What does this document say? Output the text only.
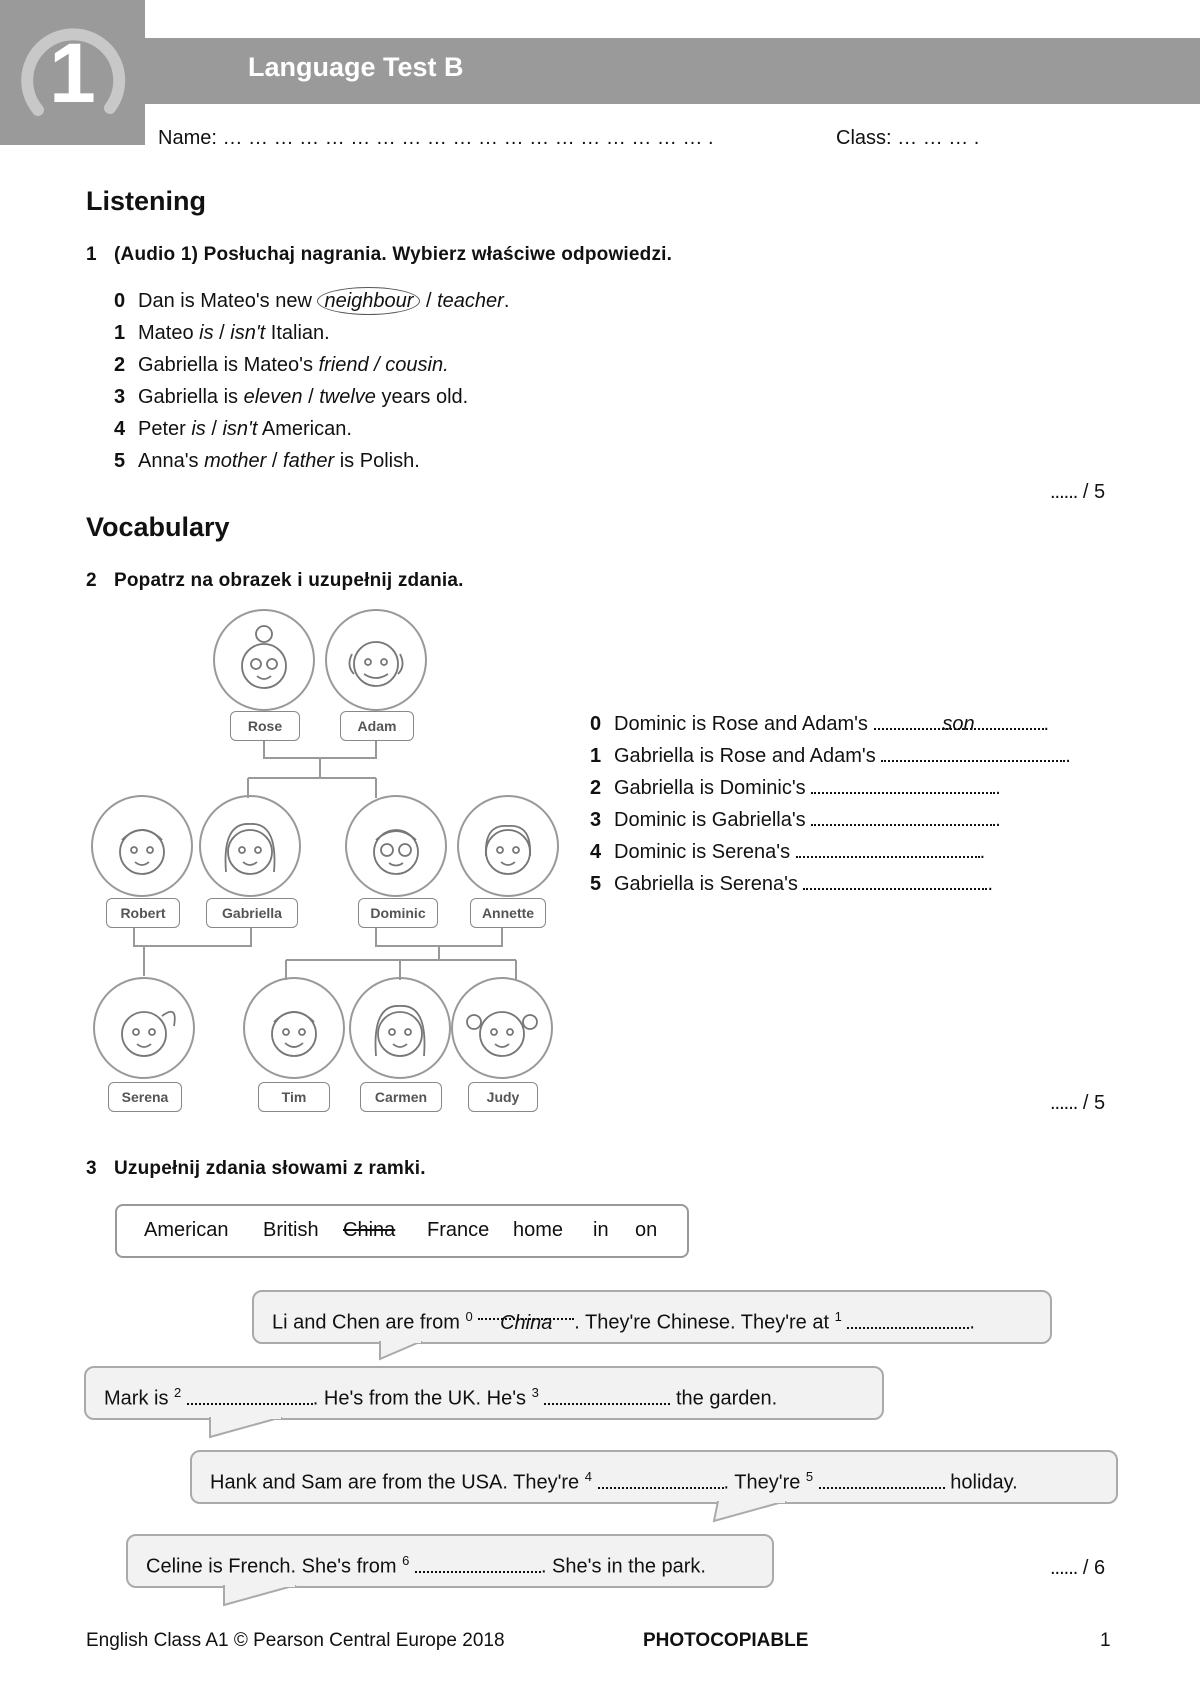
1	Language Test B
Name: … … … … … … … … … … … … … … … … … … … .	Class: … … … .
Listening
1 (Audio 1) Posłuchaj nagrania. Wybierz właściwe odpowiedzi.
0 Dan is Mateo's new neighbour / teacher.
1 Mateo is / isn't Italian.
2 Gabriella is Mateo's friend / cousin.
3 Gabriella is eleven / twelve years old.
4 Peter is / isn't American.
5 Anna's mother / father is Polish.
...... / 5
Vocabulary
2 Popatrz na obrazek i uzupełnij zdania.
Rose	Adam
Robert	Gabriella	Dominic	Annette
Serena	Tim	Carmen	Judy
0 Dominic is Rose and Adam's	son	.
1 Gabriella is Rose and Adam's	.
2 Gabriella is Dominic's	.
3 Dominic is Gabriella's	.
4 Dominic is Serena's	.
5 Gabriella is Serena's	.
...... / 5
3 Uzupełnij zdania słowami z ramki.
American British China France home in on
Li and Chen are from $^0$ China . They're Chinese. They're at $^1$	.
Mark is $^2$	. He's from the UK. He's $^3$	the garden.
Hank and Sam are from the USA. They're $^4$	. They're $^5$	holiday.
Celine is French. She's from $^6$	. She's in the park.	...... / 6
English Class A1 © Pearson Central Europe 2018	PHOTOCOPIABLE	1
